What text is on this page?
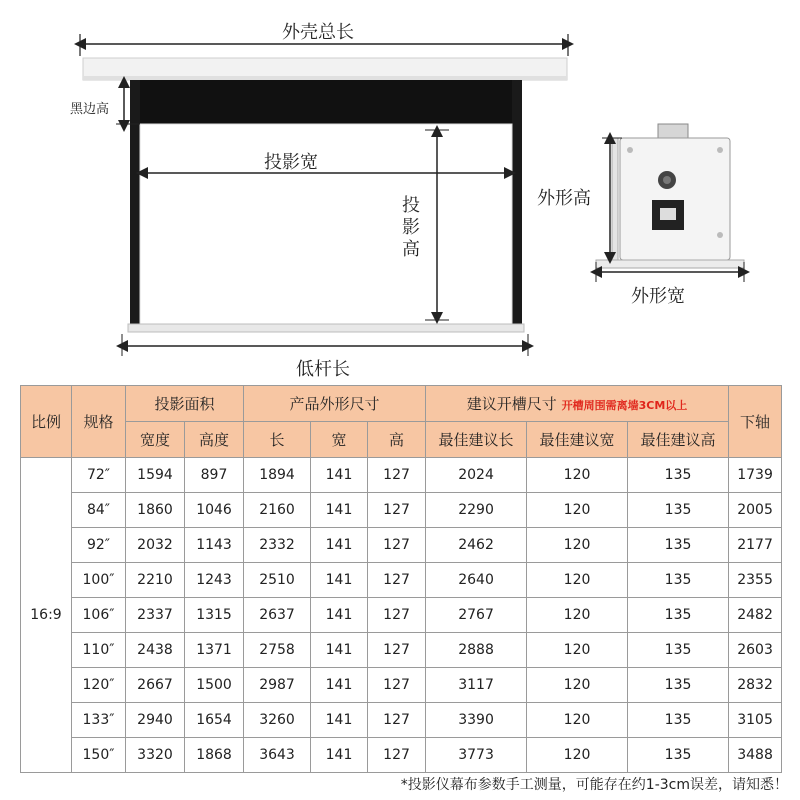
外壳总长
黑边高
投影宽
投影高
低杆长
外形高
外形宽
比例	规格	投影面积		产品外形尺寸			建议开槽尺寸 开槽周围需离墙3CM以上			下轴
		宽度	高度	长	宽	高	最佳建议长	最佳建议宽	最佳建议高	
16:9	72″	1594	897	1894	141	127	2024	120	135	1739
	84″	1860	1046	2160	141	127	2290	120	135	2005
	92″	2032	1143	2332	141	127	2462	120	135	2177
	100″	2210	1243	2510	141	127	2640	120	135	2355
	106″	2337	1315	2637	141	127	2767	120	135	2482
	110″	2438	1371	2758	141	127	2888	120	135	2603
	120″	2667	1500	2987	141	127	3117	120	135	2832
	133″	2940	1654	3260	141	127	3390	120	135	3105
	150″	3320	1868	3643	141	127	3773	120	135	3488
*投影仪幕布参数手工测量，可能存在约1-3cm误差，请知悉！
